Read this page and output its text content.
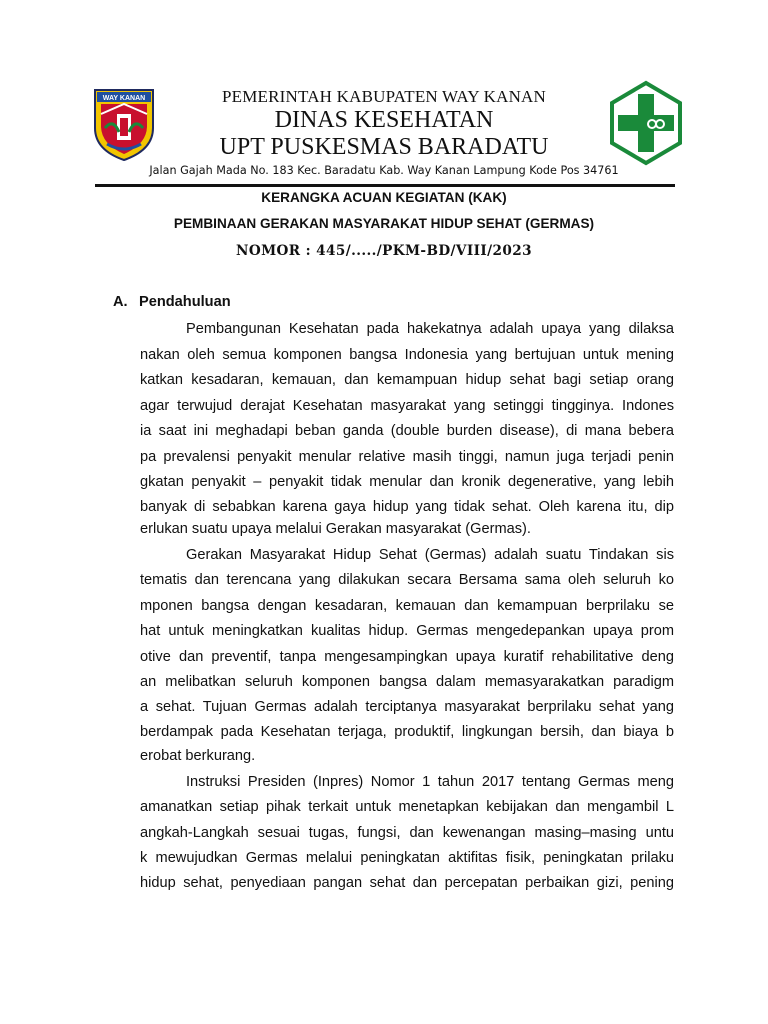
WAY KANAN	PEMERINTAH KABUPATEN WAY KANAN
DINAS KESEHATAN
UPT PUSKESMAS BARADATU
Jalan Gajah Mada No. 183 Kec. Baradatu Kab. Way Kanan Lampung Kode Pos 34761
KERANGKA ACUAN KEGIATAN (KAK)
PEMBINAAN GERAKAN MASYARAKAT HIDUP SEHAT (GERMAS)
NOMOR : 445/...../PKM-BD/VIII/2023
A. Pendahuluan
Pembangunan Kesehatan pada hakekatnya adalah upaya yang dilaksa
nakan oleh semua komponen bangsa Indonesia yang bertujuan untuk mening
katkan kesadaran, kemauan, dan kemampuan hidup sehat bagi setiap orang
agar terwujud derajat Kesehatan masyarakat yang setinggi tingginya. Indones
ia saat ini meghadapi beban ganda (double burden disease), di mana bebera
pa prevalensi penyakit menular relative masih tinggi, namun juga terjadi penin
gkatan penyakit – penyakit tidak menular dan kronik degenerative, yang lebih
banyak di sebabkan karena gaya hidup yang tidak sehat. Oleh karena itu, dip
erlukan suatu upaya melalui Gerakan masyarakat (Germas).
Gerakan Masyarakat Hidup Sehat (Germas) adalah suatu Tindakan sis
tematis dan terencana yang dilakukan secara Bersama sama oleh seluruh ko
mponen bangsa dengan kesadaran, kemauan dan kemampuan berprilaku se
hat untuk meningkatkan kualitas hidup. Germas mengedepankan upaya prom
otive dan preventif, tanpa mengesampingkan upaya kuratif rehabilitative deng
an melibatkan seluruh komponen bangsa dalam memasyarakatkan paradigm
a sehat. Tujuan Germas adalah terciptanya masyarakat berprilaku sehat yang
berdampak pada Kesehatan terjaga, produktif, lingkungan bersih, dan biaya b
erobat berkurang.
Instruksi Presiden (Inpres) Nomor 1 tahun 2017 tentang Germas meng
amanatkan setiap pihak terkait untuk menetapkan kebijakan dan mengambil L
angkah-Langkah sesuai tugas, fungsi, dan kewenangan masing–masing untu
k mewujudkan Germas melalui peningkatan aktifitas fisik, peningkatan prilaku
hidup sehat, penyediaan pangan sehat dan percepatan perbaikan gizi, pening
